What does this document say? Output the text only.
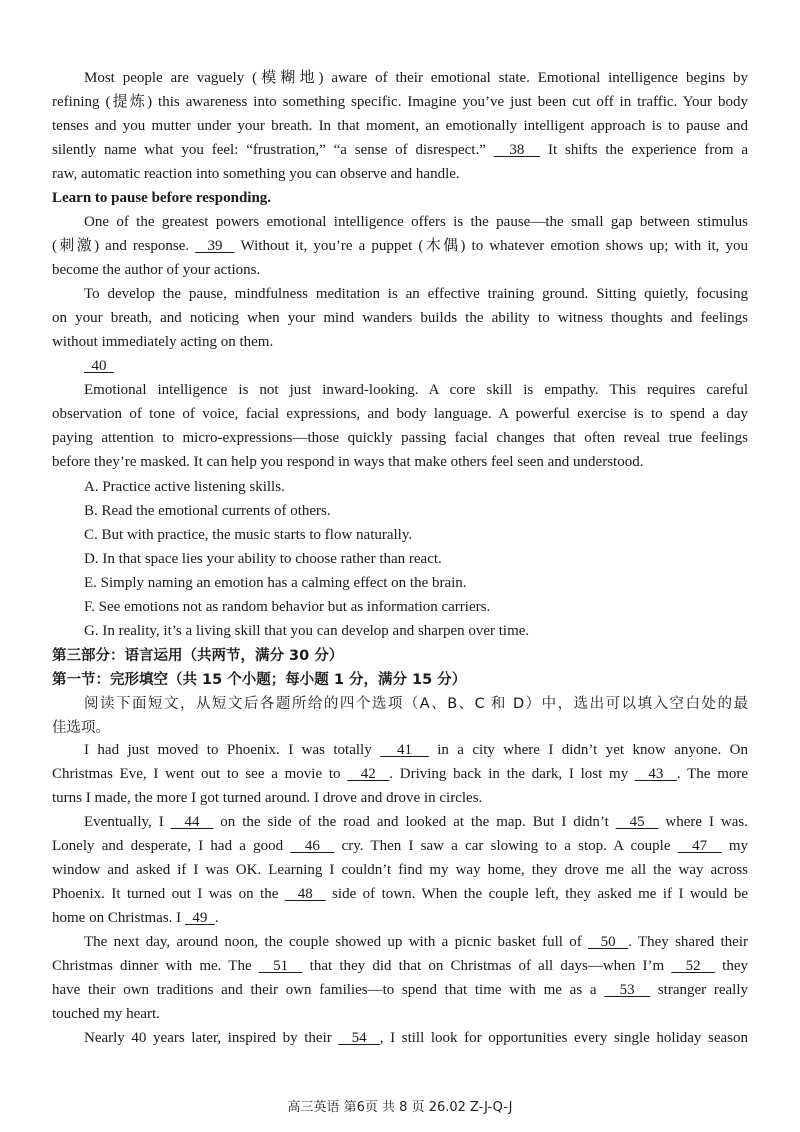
Most people are vaguely (模糊地) aware of their emotional state. Emotional intelligence begins by
refining (提炼) this awareness into something specific. Imagine you’ve just been cut off in traffic. Your body
tenses and you mutter under your breath. In that moment, an emotionally intelligent approach is to pause and
silently name what you feel: “frustration,” “a sense of disrespect.”   38   It shifts the experience from a
raw, automatic reaction into something you can observe and handle.
Learn to pause before responding.
One of the greatest powers emotional intelligence offers is the pause—the small gap between stimulus
(刺激) and response.   39   Without it, you’re a puppet (木偶) to whatever emotion shows up; with it, you
become the author of your actions.
To develop the pause, mindfulness meditation is an effective training ground. Sitting quietly, focusing
on your breath, and noticing when your mind wanders builds the ability to witness thoughts and feelings
without immediately acting on them.
40
Emotional intelligence is not just inward-looking. A core skill is empathy. This requires careful
observation of tone of voice, facial expressions, and body language. A powerful exercise is to spend a day
paying attention to micro-expressions—those quickly passing facial changes that often reveal true feelings
before they’re masked. It can help you respond in ways that make others feel seen and understood.
A. Practice active listening skills.
B. Read the emotional currents of others.
C. But with practice, the music starts to flow naturally.
D. In that space lies your ability to choose rather than react.
E. Simply naming an emotion has a calming effect on the brain.
F. See emotions not as random behavior but as information carriers.
G. In reality, it’s a living skill that you can develop and sharpen over time.
第三部分：语言运用（共两节，满分 30 分）
第一节：完形填空（共 15 个小题；每小题 1 分，满分 15 分）
阅读下面短文，从短文后各题所给的四个选项（A、B、C 和 D）中，选出可以填入空白处的最
佳选项。
I had just moved to Phoenix. I was totally   41   in a city where I didn’t yet know anyone. On
Christmas Eve, I went out to see a movie to   42  . Driving back in the dark, I lost my   43  . The more
turns I made, the more I got turned around. I drove and drove in circles.
Eventually, I   44   on the side of the road and looked at the map. But I didn’t   45   where I was.
Lonely and desperate, I had a good   46   cry. Then I saw a car slowing to a stop. A couple   47   my
window and asked if I was OK. Learning I couldn’t find my way home, they drove me all the way across
Phoenix. It turned out I was on the   48   side of town. When the couple left, they asked me if I would be
home on Christmas. I   49  .
The next day, around noon, the couple showed up with a picnic basket full of   50  . They shared their
Christmas dinner with me. The   51   that they did that on Christmas of all days—when I’m   52   they
have their own traditions and their own families—to spend that time with me as a   53   stranger really
touched my heart.
Nearly 40 years later, inspired by their   54  , I still look for opportunities every single holiday season
高三英语 第6页 共 8 页 26.02 Z-J-Q-J
